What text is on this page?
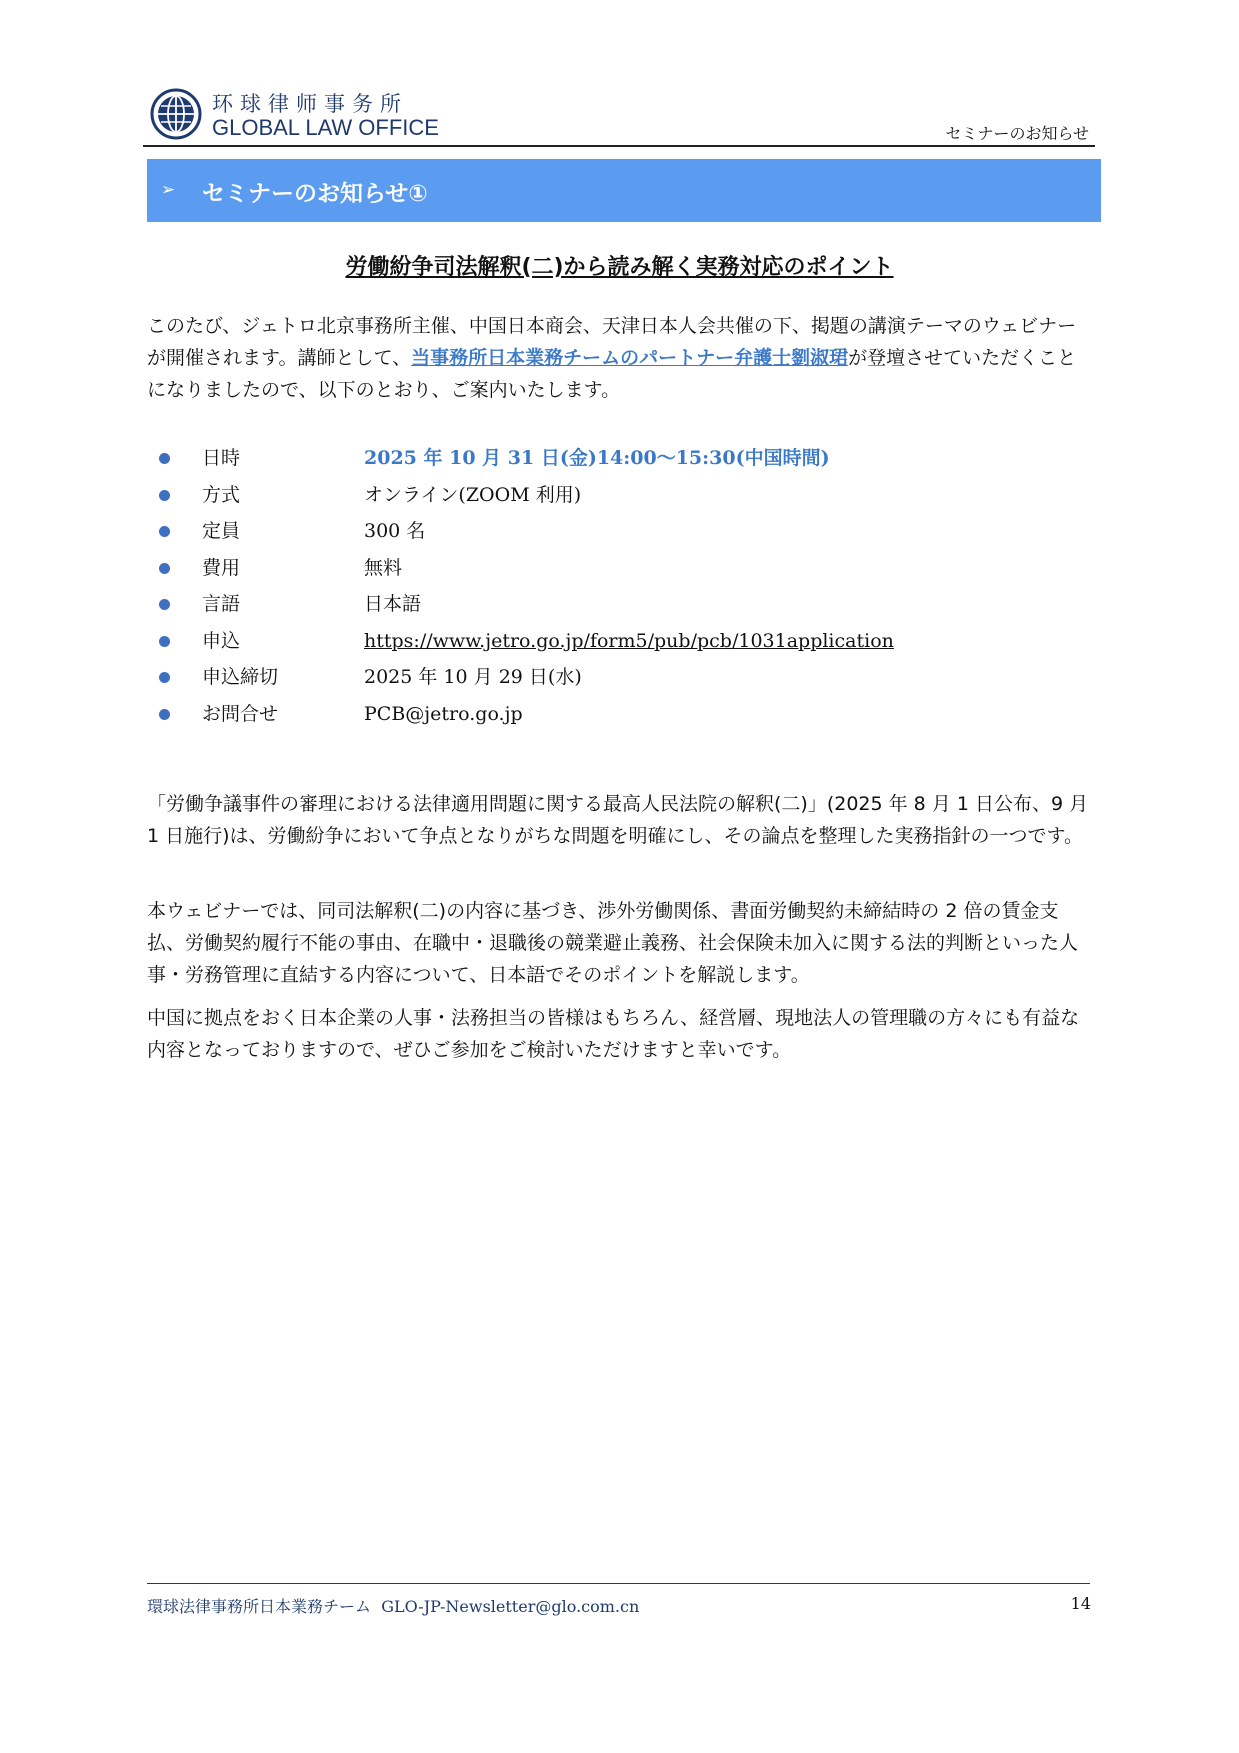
环球律师事务所
GLOBAL LAW OFFICE	セミナーのお知らせ
➢ セミナーのお知らせ①
労働紛争司法解釈(二)から読み解く実務対応のポイント

このたび、ジェトロ北京事務所主催、中国日本商会、天津日本人会共催の下、掲題の講演テーマのウェビナーが開催されます。講師として、当事務所日本業務チームのパートナー弁護士劉淑珺が登壇させていただくことになりましたので、以下のとおり、ご案内いたします。

日時	2025 年 10 月 31 日(金)14:00〜15:30(中国時間)
方式	オンライン(ZOOM 利用)
定員	300 名
費用	無料
言語	日本語
申込	https://www.jetro.go.jp/form5/pub/pcb/1031application
申込締切	2025 年 10 月 29 日(水)
お問合せ	PCB@jetro.go.jp

「労働争議事件の審理における法律適用問題に関する最高人民法院の解釈(二)」(2025 年 8 月 1 日公布、9 月 1 日施行)は、労働紛争において争点となりがちな問題を明確にし、その論点を整理した実務指針の一つです。

本ウェビナーでは、同司法解釈(二)の内容に基づき、渉外労働関係、書面労働契約未締結時の 2 倍の賃金支払、労働契約履行不能の事由、在職中・退職後の競業避止義務、社会保険未加入に関する法的判断といった人事・労務管理に直結する内容について、日本語でそのポイントを解説します。

中国に拠点をおく日本企業の人事・法務担当の皆様はもちろん、経営層、現地法人の管理職の方々にも有益な内容となっておりますので、ぜひご参加をご検討いただけますと幸いです。

環球法律事務所日本業務チーム GLO-JP-Newsletter@glo.com.cn	14
